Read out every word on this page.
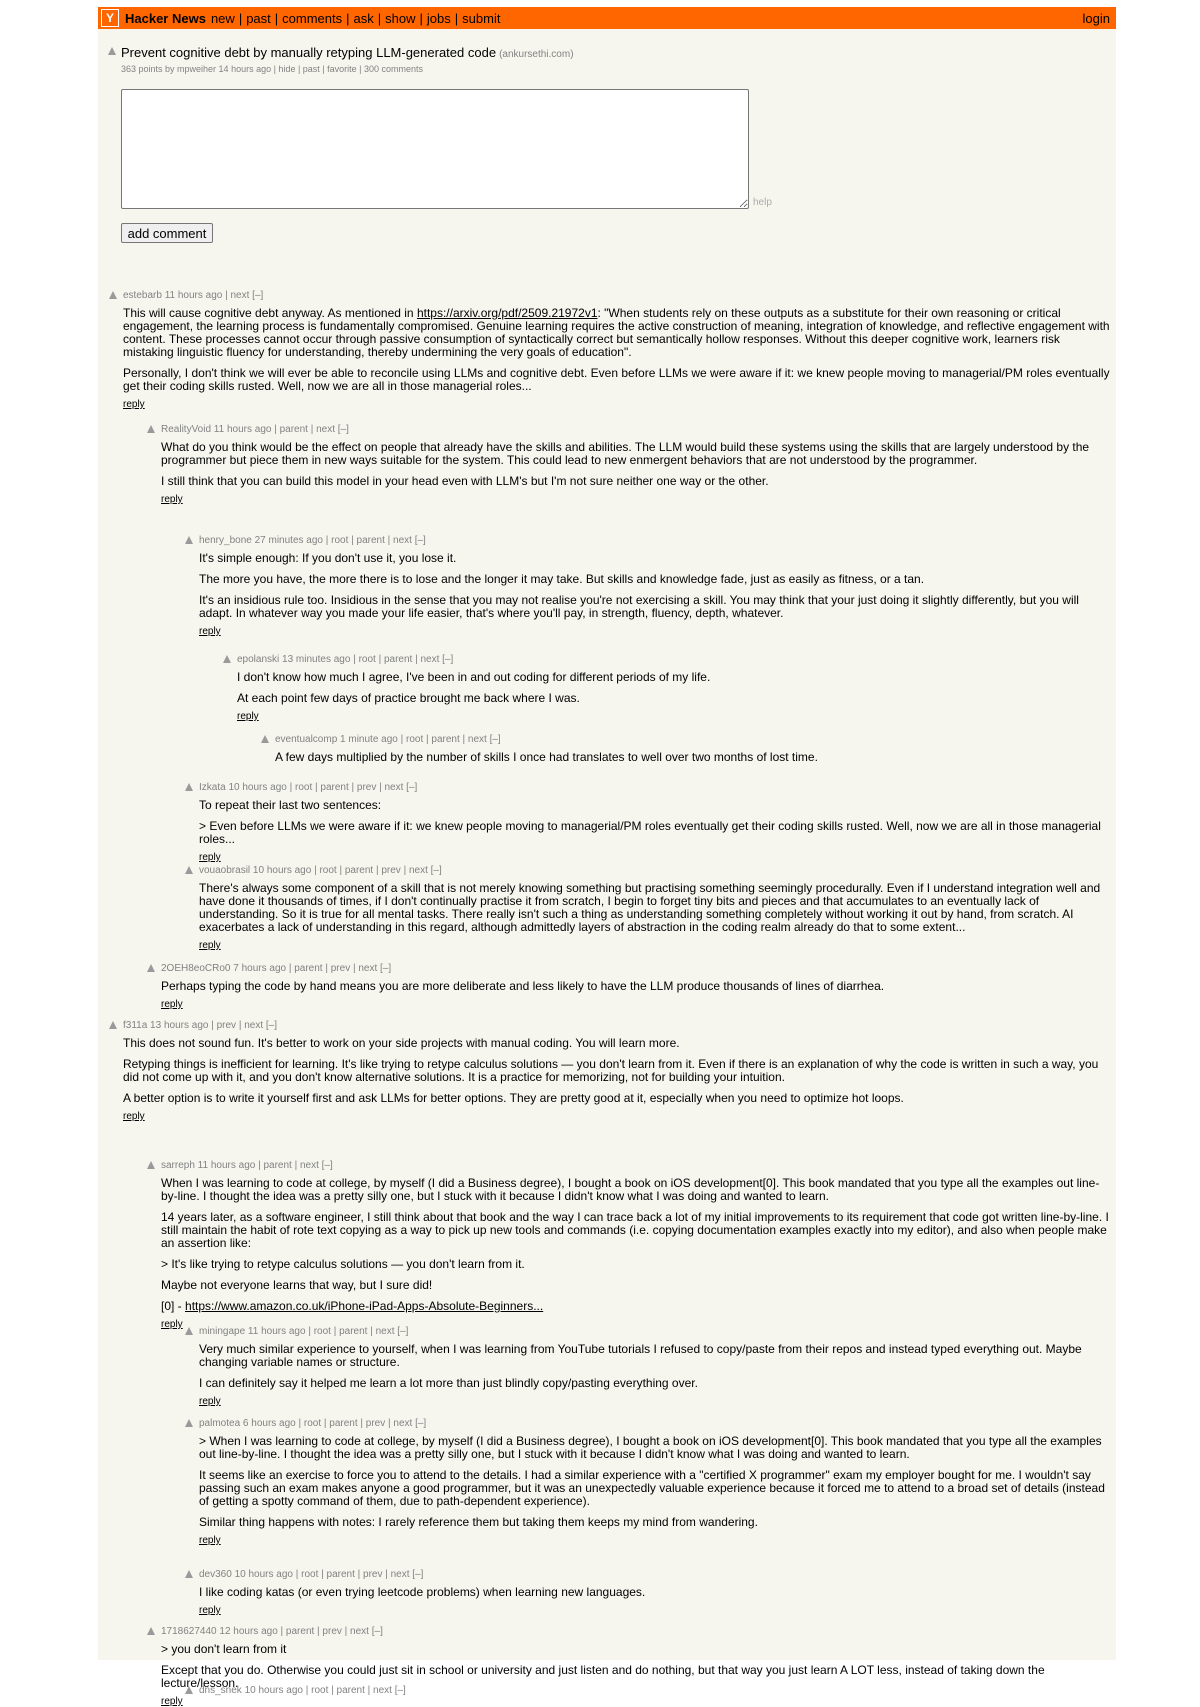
Y Hacker News new | past | comments | ask | show | jobs | submit	login
Prevent cognitive debt by manually retyping LLM-generated code (ankursethi.com)
363 points by mpweiher 14 hours ago | hide | past | favorite | 300 comments
help
add comment
estebarb 11 hours ago | next [–]

This will cause cognitive debt anyway. As mentioned in https://arxiv.org/pdf/2509.21972v1: "When students rely on these outputs as a substitute for their own reasoning or critical engagement, the learning process is fundamentally compromised. Genuine learning requires the active construction of meaning, integration of knowledge, and reflective engagement with content. These processes cannot occur through passive consumption of syntactically correct but semantically hollow responses. Without this deeper cognitive work, learners risk mistaking linguistic fluency for understanding, thereby undermining the very goals of education".

Personally, I don't think we will ever be able to reconcile using LLMs and cognitive debt. Even before LLMs we were aware if it: we knew people moving to managerial/PM roles eventually get their coding skills rusted. Well, now we are all in those managerial roles...

reply
RealityVoid 11 hours ago | parent | next [–]

What do you think would be the effect on people that already have the skills and abilities. The LLM would build these systems using the skills that are largely understood by the programmer but piece them in new ways suitable for the system. This could lead to new enmergent behaviors that are not understood by the programmer.

I still think that you can build this model in your head even with LLM's but I'm not sure neither one way or the other.

reply
henry_bone 27 minutes ago | root | parent | next [–]

It's simple enough: If you don't use it, you lose it.

The more you have, the more there is to lose and the longer it may take. But skills and knowledge fade, just as easily as fitness, or a tan.

It's an insidious rule too. Insidious in the sense that you may not realise you're not exercising a skill. You may think that your just doing it slightly differently, but you will adapt. In whatever way you made your life easier, that's where you'll pay, in strength, fluency, depth, whatever.

reply
epolanski 13 minutes ago | root | parent | next [–]

I don't know how much I agree, I've been in and out coding for different periods of my life.

At each point few days of practice brought me back where I was.

reply
eventualcomp 1 minute ago | root | parent | next [–]

A few days multiplied by the number of skills I once had translates to well over two months of lost time.

Izkata 10 hours ago | root | parent | prev | next [–]

To repeat their last two sentences:

> Even before LLMs we were aware if it: we knew people moving to managerial/PM roles eventually get their coding skills rusted. Well, now we are all in those managerial roles...

reply
vouaobrasil 10 hours ago | root | parent | prev | next [–]

There's always some component of a skill that is not merely knowing something but practising something seemingly procedurally. Even if I understand integration well and have done it thousands of times, if I don't continually practise it from scratch, I begin to forget tiny bits and pieces and that accumulates to an eventually lack of understanding. So it is true for all mental tasks. There really isn't such a thing as understanding something completely without working it out by hand, from scratch. AI exacerbates a lack of understanding in this regard, although admittedly layers of abstraction in the coding realm already do that to some extent...

reply
2OEH8eoCRo0 7 hours ago | parent | prev | next [–]

Perhaps typing the code by hand means you are more deliberate and less likely to have the LLM produce thousands of lines of diarrhea.

reply
f311a 13 hours ago | prev | next [–]

This does not sound fun. It's better to work on your side projects with manual coding. You will learn more.

Retyping things is inefficient for learning. It's like trying to retype calculus solutions — you don't learn from it. Even if there is an explanation of why the code is written in such a way, you did not come up with it, and you don't know alternative solutions. It is a practice for memorizing, not for building your intuition.

A better option is to write it yourself first and ask LLMs for better options. They are pretty good at it, especially when you need to optimize hot loops.

reply
sarreph 11 hours ago | parent | next [–]

When I was learning to code at college, by myself (I did a Business degree), I bought a book on iOS development[0]. This book mandated that you type all the examples out line-by-line. I thought the idea was a pretty silly one, but I stuck with it because I didn't know what I was doing and wanted to learn.

14 years later, as a software engineer, I still think about that book and the way I can trace back a lot of my initial improvements to its requirement that code got written line-by-line. I still maintain the habit of rote text copying as a way to pick up new tools and commands (i.e. copying documentation examples exactly into my editor), and also when people make an assertion like:

> It's like trying to retype calculus solutions — you don't learn from it.

Maybe not everyone learns that way, but I sure did!

[0] - https://www.amazon.co.uk/iPhone-iPad-Apps-Absolute-Beginners...

reply
miningape 11 hours ago | root | parent | next [–]

Very much similar experience to yourself, when I was learning from YouTube tutorials I refused to copy/paste from their repos and instead typed everything out. Maybe changing variable names or structure.

I can definitely say it helped me learn a lot more than just blindly copy/pasting everything over.

reply
palmotea 6 hours ago | root | parent | prev | next [–]

> When I was learning to code at college, by myself (I did a Business degree), I bought a book on iOS development[0]. This book mandated that you type all the examples out line-by-line. I thought the idea was a pretty silly one, but I stuck with it because I didn't know what I was doing and wanted to learn.

It seems like an exercise to force you to attend to the details. I had a similar experience with a "certified X programmer" exam my employer bought for me. I wouldn't say passing such an exam makes anyone a good programmer, but it was an unexpectedly valuable experience because it forced me to attend to a broad set of details (instead of getting a spotty command of them, due to path-dependent experience).

Similar thing happens with notes: I rarely reference them but taking them keeps my mind from wandering.

reply
dev360 10 hours ago | root | parent | prev | next [–]

I like coding katas (or even trying leetcode problems) when learning new languages.

reply
1718627440 12 hours ago | parent | prev | next [–]

> you don't learn from it

Except that you do. Otherwise you could just sit in school or university and just listen and do nothing, but that way you just learn A LOT less, instead of taking down the lecture/lesson.

reply
dns_snek 10 hours ago | root | parent | next [–]
